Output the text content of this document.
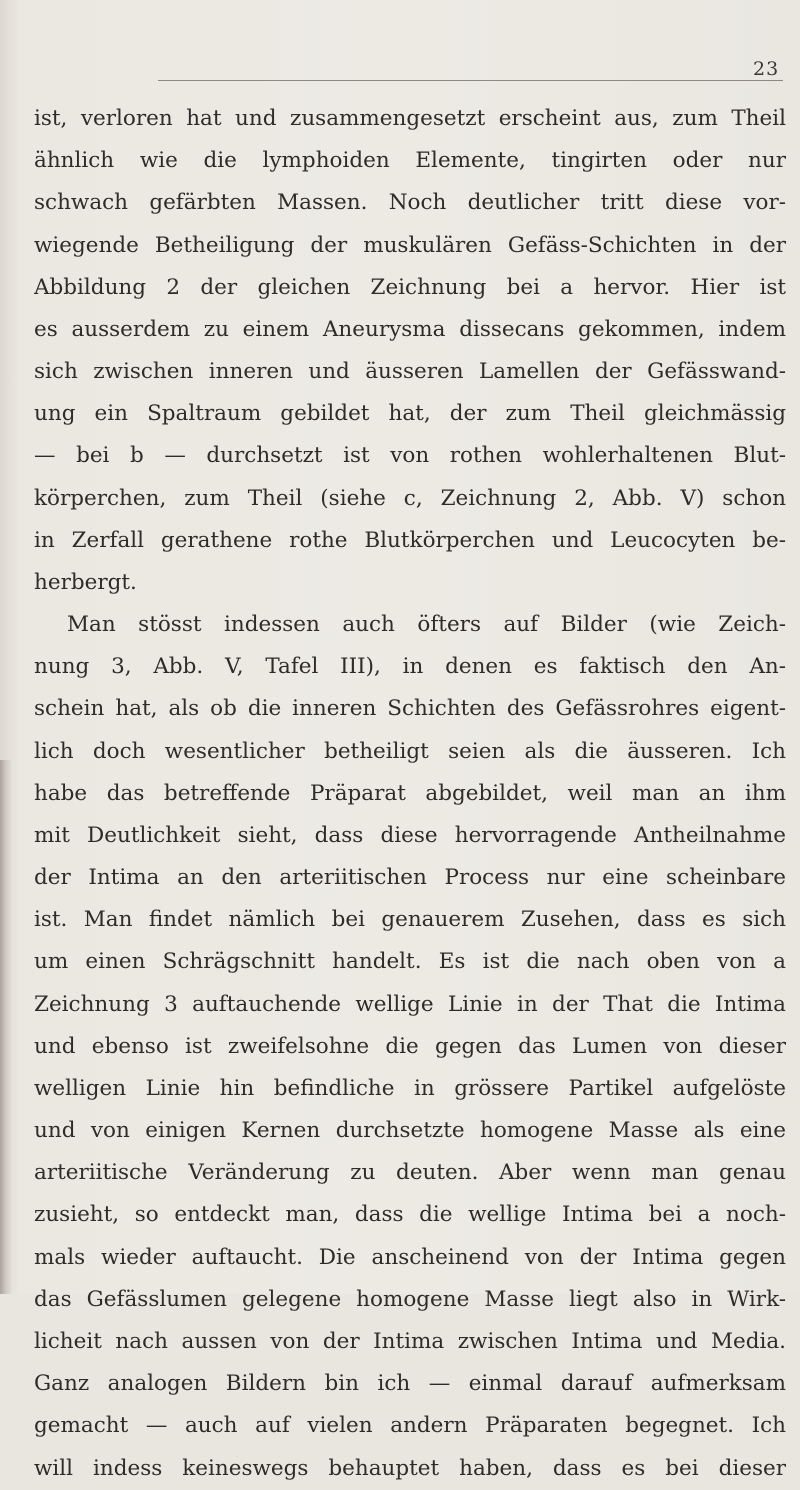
23
ist, verloren hat und zusammengesetzt erscheint aus, zum Theil
ähnlich wie die lymphoiden Elemente, tingirten oder nur
schwach gefärbten Massen. Noch deutlicher tritt diese vor-
wiegende Betheiligung der muskulären Gefäss-Schichten in der
Abbildung 2 der gleichen Zeichnung bei a hervor. Hier ist
es ausserdem zu einem Aneurysma dissecans gekommen, indem
sich zwischen inneren und äusseren Lamellen der Gefässwand-
ung ein Spaltraum gebildet hat, der zum Theil gleichmässig
— bei b — durchsetzt ist von rothen wohlerhaltenen Blut-
körperchen, zum Theil (siehe c, Zeichnung 2, Abb. V) schon
in Zerfall gerathene rothe Blutkörperchen und Leucocyten be-
herbergt.
Man stösst indessen auch öfters auf Bilder (wie Zeich-
nung 3, Abb. V, Tafel III), in denen es faktisch den An-
schein hat, als ob die inneren Schichten des Gefässrohres eigent-
lich doch wesentlicher betheiligt seien als die äusseren. Ich
habe das betreffende Präparat abgebildet, weil man an ihm
mit Deutlichkeit sieht, dass diese hervorragende Antheilnahme
der Intima an den arteriitischen Process nur eine scheinbare
ist. Man findet nämlich bei genauerem Zusehen, dass es sich
um einen Schrägschnitt handelt. Es ist die nach oben von a
Zeichnung 3 auftauchende wellige Linie in der That die Intima
und ebenso ist zweifelsohne die gegen das Lumen von dieser
welligen Linie hin befindliche in grössere Partikel aufgelöste
und von einigen Kernen durchsetzte homogene Masse als eine
arteriitische Veränderung zu deuten. Aber wenn man genau
zusieht, so entdeckt man, dass die wellige Intima bei a noch-
mals wieder auftaucht. Die anscheinend von der Intima gegen
das Gefässlumen gelegene homogene Masse liegt also in Wirk-
licheit nach aussen von der Intima zwischen Intima und Media.
Ganz analogen Bildern bin ich — einmal darauf aufmerksam
gemacht — auch auf vielen andern Präparaten begegnet. Ich
will indess keineswegs behauptet haben, dass es bei dieser
